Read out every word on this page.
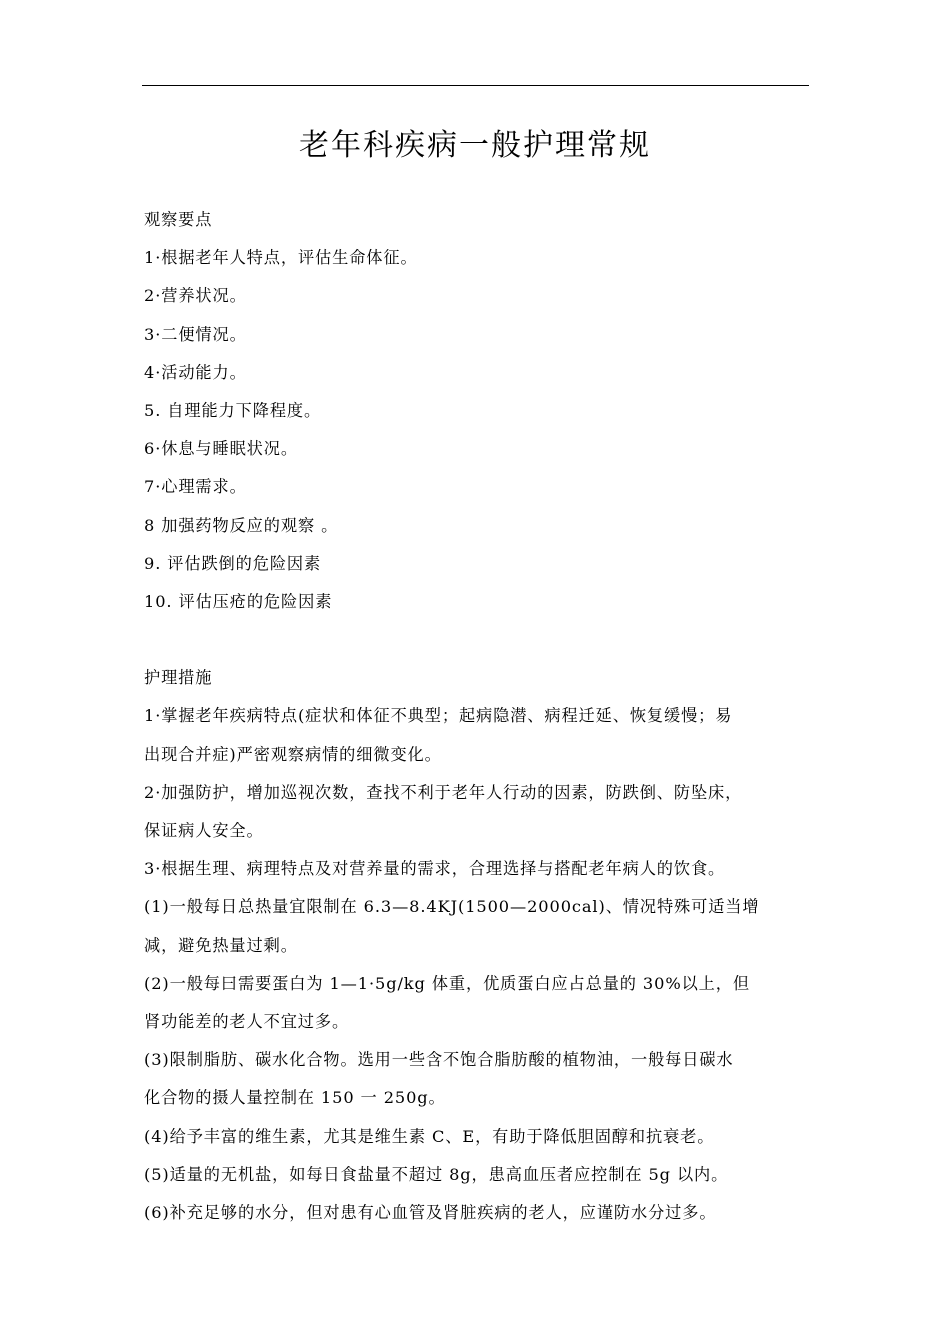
老年科疾病一般护理常规

观察要点

1·根据老年人特点，评估生命体征。

2·营养状况。

3·二便情况。

4·活动能力。

5. 自理能力下降程度。

6·休息与睡眠状况。

7·心理需求。

8 加强药物反应的观察 。

9. 评估跌倒的危险因素

10. 评估压疮的危险因素

护理措施

1·掌握老年疾病特点(症状和体征不典型；起病隐潜、病程迁延、恢复缓慢；易

出现合并症)严密观察病情的细微变化。

2·加强防护，增加巡视次数，查找不利于老年人行动的因素，防跌倒、防坠床，

保证病人安全。

3·根据生理、病理特点及对营养量的需求，合理选择与搭配老年病人的饮食。

(1)一般每日总热量宜限制在 6.3—8.4KJ(1500—2000cal)、情况特殊可适当增

减，避免热量过剩。

(2)一般每曰需要蛋白为 1—1·5g/kg 体重，优质蛋白应占总量的 30%以上，但

肾功能差的老人不宜过多。

(3)限制脂肪、碳水化合物。选用一些含不饱合脂肪酸的植物油，一般每日碳水

化合物的摄人量控制在 150 一 250g。

(4)给予丰富的维生素，尤其是维生素 C、E，有助于降低胆固醇和抗衰老。

(5)适量的无机盐，如每日食盐量不超过 8g，患高血压者应控制在 5g 以内。

(6)补充足够的水分，但对患有心血管及肾脏疾病的老人，应谨防水分过多。
